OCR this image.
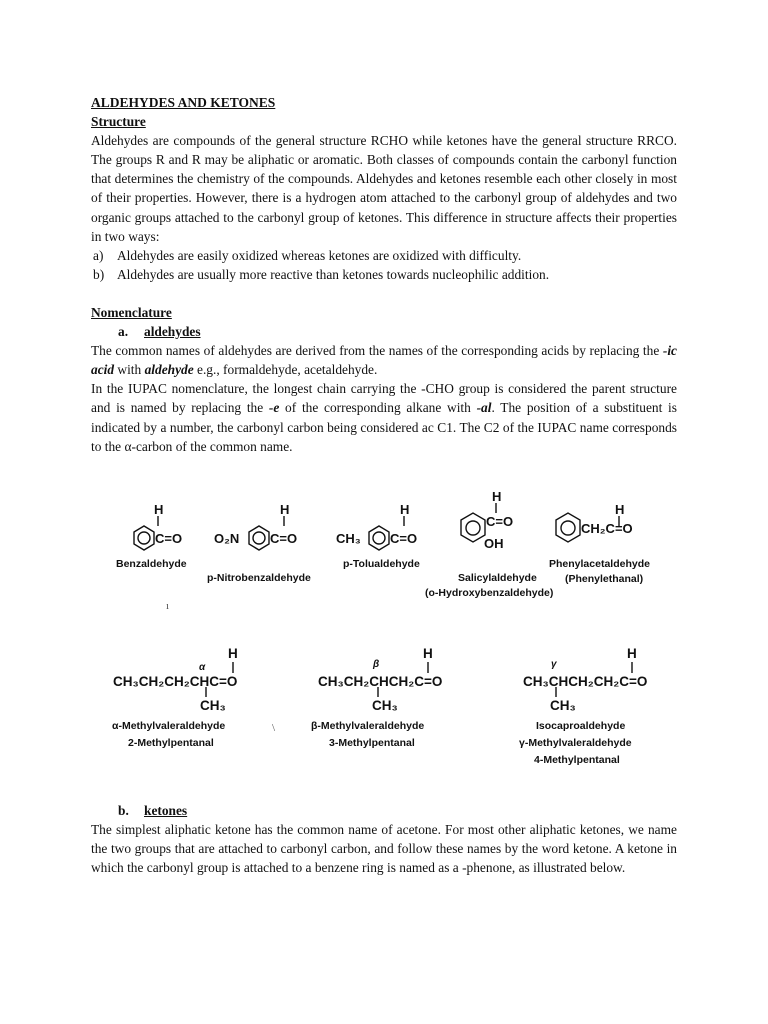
ALDEHYDES AND KETONES
Structure
Aldehydes are compounds of the general structure RCHO while ketones have the general structure RRCO. The groups R and R may be aliphatic or aromatic. Both classes of compounds contain the carbonyl function that determines the chemistry of the compounds. Aldehydes and ketones resemble each other closely in most of their properties. However, there is a hydrogen atom attached to the carbonyl group of aldehydes and two organic groups attached to the carbonyl group of ketones. This difference in structure affects their properties in two ways:
a) Aldehydes are easily oxidized whereas ketones are oxidized with difficulty.
b) Aldehydes are usually more reactive than ketones towards nucleophilic addition.
Nomenclature
a. aldehydes
The common names of aldehydes are derived from the names of the corresponding acids by replacing the -ic acid with aldehyde e.g., formaldehyde, acetaldehyde.
In the IUPAC nomenclature, the longest chain carrying the -CHO group is considered the parent structure and is named by replacing the -e of the corresponding alkane with -al. The position of a substituent is indicated by a number, the carbonyl carbon being considered ac C1. The C2 of the IUPAC name corresponds to the α-carbon of the common name.
H
C=O O₂N
H
C=O	CH₃
H
C=O
H
C=O
OH
H
CH₂C=O
Benzaldehyde
p-Nitrobenzaldehyde
p-Tolualdehyde
Salicylaldehyde
(o-Hydroxybenzaldehyde)
Phenylacetaldehyde
(Phenylethanal)
H
CH₃CH₂CH₂CHC=O
CH₃
H
CH₃CH₂CHCH₂C=O
CH₃
H
CH₃CHCH₂CH₂C=O
CH₃
α	β	γ
α-Methylvaleraldehyde
2-Methylpentanal
β-Methylvaleraldehyde
3-Methylpentanal
Isocaproaldehyde
γ-Methylvaleraldehyde
4-Methylpentanal
ı
\
b. ketones
The simplest aliphatic ketone has the common name of acetone. For most other aliphatic ketones, we name the two groups that are attached to carbonyl carbon, and follow these names by the word ketone. A ketone in which the carbonyl group is attached to a benzene ring is named as a -phenone, as illustrated below.
